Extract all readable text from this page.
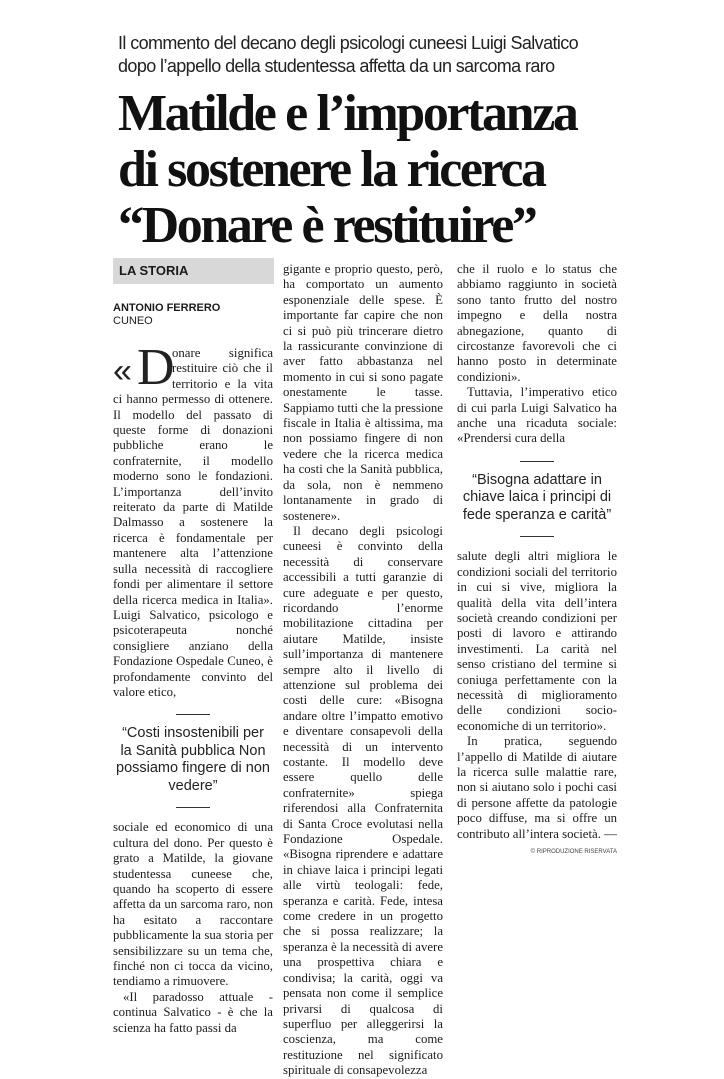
Il commento del decano degli psicologi cuneesi Luigi Salvatico
dopo l’appello della studentessa affetta da un sarcoma raro
Matilde e l’importanza
di sostenere la ricerca
“Donare è restituire”
LA STORIA
ANTONIO FERRERO
CUNEO
« D

onare significa restituire ciò che il territorio e la vita ci hanno permesso di ottenere. Il modello del passato di queste forme di donazioni pubbliche erano le confraternite, il modello moderno sono le fondazioni. L’importanza dell’invito reiterato da parte di Matilde Dalmasso a sostenere la ricerca è fondamentale per mantenere alta l’attenzione sulla necessità di raccogliere fondi per alimentare il settore della ricerca medica in Italia». Luigi Salvatico, psicologo e psicoterapeuta nonché consigliere anziano della Fondazione Ospedale Cuneo, è profondamente convinto del valore etico,

“Costi insostenibili per la Sanità pubblica Non possiamo fingere di non vedere”

sociale ed economico di una cultura del dono. Per questo è grato a Matilde, la giovane studentessa cuneese che, quando ha scoperto di essere affetta da un sarcoma raro, non ha esitato a raccontare pubblicamente la sua storia per sensibilizzare su un tema che, finché non ci tocca da vicino, tendiamo a rimuovere.

«Il paradosso attuale - continua Salvatico - è che la scienza ha fatto passi da

gigante e proprio questo, però, ha comportato un aumento esponenziale delle spese. È importante far capire che non ci si può più trincerare dietro la rassicurante convinzione di aver fatto abbastanza nel momento in cui si sono pagate onestamente le tasse. Sappiamo tutti che la pressione fiscale in Italia è altissima, ma non possiamo fingere di non vedere che la ricerca medica ha costi che la Sanità pubblica, da sola, non è nemmeno lontanamente in grado di sostenere».

Il decano degli psicologi cuneesi è convinto della necessità di conservare accessibili a tutti garanzie di cure adeguate e per questo, ricordando l’enorme mobilitazione cittadina per aiutare Matilde, insiste sull’importanza di mantenere sempre alto il livello di attenzione sul problema dei costi delle cure: «Bisogna andare oltre l’impatto emotivo e diventare consapevoli della necessità di un intervento costante. Il modello deve essere quello delle confraternite» spiega riferendosi alla Confraternita di Santa Croce evolutasi nella Fondazione Ospedale. «Bisogna riprendere e adattare in chiave laica i principi legati alle virtù teologali: fede, speranza e carità. Fede, intesa come credere in un progetto che si possa realizzare; la speranza è la necessità di avere una prospettiva chiara e condivisa; la carità, oggi va pensata non come il semplice privarsi di qualcosa di superfluo per alleggerirsi la coscienza, ma come restituzione nel significato spirituale di consapevolezza

che il ruolo e lo status che abbiamo raggiunto in società sono tanto frutto del nostro impegno e della nostra abnegazione, quanto di circostanze favorevoli che ci hanno posto in determinate condizioni».

Tuttavia, l’imperativo etico di cui parla Luigi Salvatico ha anche una ricaduta sociale: «Prendersi cura della

“Bisogna adattare in chiave laica i principi di fede speranza e carità”

salute degli altri migliora le condizioni sociali del territorio in cui si vive, migliora la qualità della vita dell’intera società creando condizioni per posti di lavoro e attirando investimenti. La carità nel senso cristiano del termine si coniuga perfettamente con la necessità di miglioramento delle condizioni socio-economiche di un territorio».

In pratica, seguendo l’appello di Matilde di aiutare la ricerca sulle malattie rare, non si aiutano solo i pochi casi di persone affette da patologie poco diffuse, ma si offre un contributo all’intera società. —

© RIPRODUZIONE RISERVATA
